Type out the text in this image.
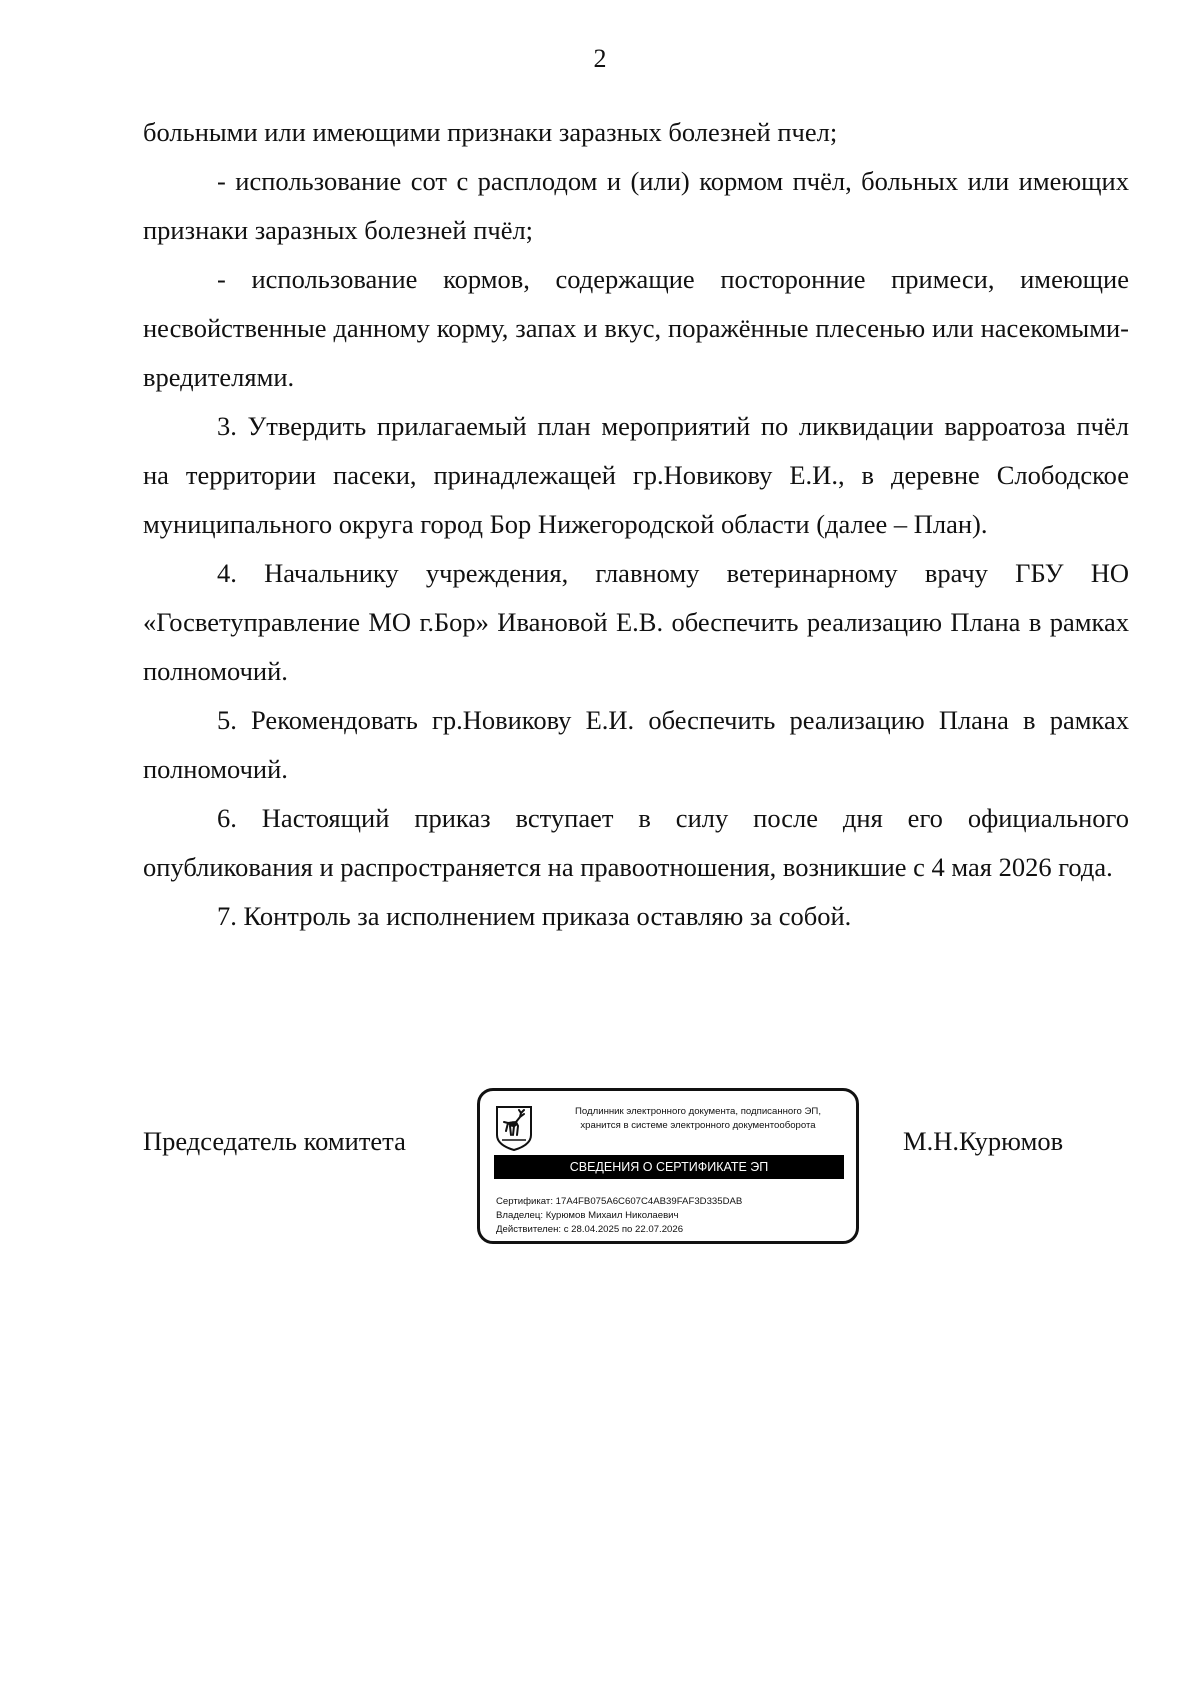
2

больными или имеющими признаки заразных болезней пчел;

- использование сот с расплодом и (или) кормом пчёл, больных или имеющих признаки заразных болезней пчёл;

- использование кормов, содержащие посторонние примеси, имеющие несвойственные данному корму, запах и вкус, поражённые плесенью или насекомыми-вредителями.

3. Утвердить прилагаемый план мероприятий по ликвидации варроатоза пчёл на территории пасеки, принадлежащей гр.Новикову Е.И., в деревне Слободское муниципального округа город Бор Нижегородской области (далее – План).

4. Начальнику учреждения, главному ветеринарному врачу ГБУ НО «Госветуправление МО г.Бор» Ивановой Е.В. обеспечить реализацию Плана в рамках полномочий.

5. Рекомендовать гр.Новикову Е.И. обеспечить реализацию Плана в рамках полномочий.

6. Настоящий приказ вступает в силу после дня его официального опубликования и распространяется на правоотношения, возникшие с 4 мая 2026 года.

7. Контроль за исполнением приказа оставляю за собой.

Председатель комитета
Подлинник электронного документа, подписанного ЭП,
хранится в системе электронного документооборота
СВЕДЕНИЯ О СЕРТИФИКАТЕ ЭП
Сертификат: 17A4FB075A6C607C4AB39FAF3D335DAB
Владелец: Курюмов Михаил Николаевич
Действителен: с 28.04.2025 по 22.07.2026
М.Н.Курюмов
